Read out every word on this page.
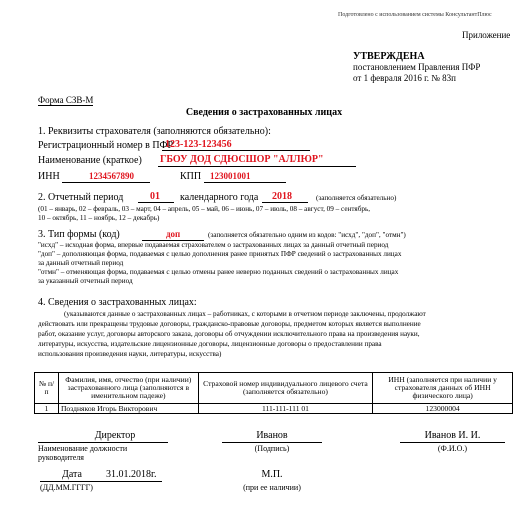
Подготовлено с использованием системы КонсультантПлюс
Приложение
УТВЕРЖДЕНА
постановлением Правления ПФР
от 1 февраля 2016 г. № 83п
Форма СЗВ-М
Сведения о застрахованных лицах
1. Реквизиты страхователя (заполняются обязательно):
Регистрационный номер в ПФР
123-123-123456
Наименование (краткое) ГБОУ ДОД СДЮСШОР "АЛЛЮР"
ИНН	1234567890	КПП 123001001
2. Отчетный период	01 календарного года 2018	(заполняется обязательно)
(01 – январь, 02 – февраль, 03 – март, 04 – апрель, 05 – май, 06 – июнь, 07 – июль, 08 – август, 09 – сентябрь,
10 – октябрь, 11 – ноябрь, 12 – декабрь)
3. Тип формы (код)	доп	(заполняется обязательно одним из кодов: "исхд", "доп", "отмн")
"исхд" – исходная форма, впервые подаваемая страхователем о застрахованных лицах за данный отчетный период
"доп" – дополняющая форма, подаваемая с целью дополнения ранее принятых ПФР сведений о застрахованных лицах
за данный отчетный период
"отмн" – отменяющая форма, подаваемая с целью отмены ранее неверно поданных сведений о застрахованных лицах
за указанный отчетный период
4. Сведения о застрахованных лицах:
(указываются данные о застрахованных лицах – работниках, с которыми в отчетном периоде заключены, продолжают
действовать или прекращены трудовые договоры, гражданско-правовые договоры, предметом которых является выполнение
работ, оказание услуг, договоры авторского заказа, договоры об отчуждении исключительного права на произведения науки,
литературы, искусства, издательские лицензионные договоры, лицензионные договоры о предоставлении права
использования произведения науки, литературы, искусства)
№ п/п	Фамилия, имя, отчество (при наличии) застрахованного лица (заполняются в именительном падеже)	Страховой номер индивидуального лицевого счета (заполняется обязательно)	ИНН (заполняется при наличии у страхователя данных об ИНН физического лица)
1	Поздняков Игорь Викторович	111-111-111 01	123000004
Директор
Наименование должности
руководителя
Иванов
(Подпись)
Иванов И. И.
(Ф.И.О.)
Дата 31.01.2018г.
(ДД.ММ.ГГГГ)
М.П.
(при ее наличии)
